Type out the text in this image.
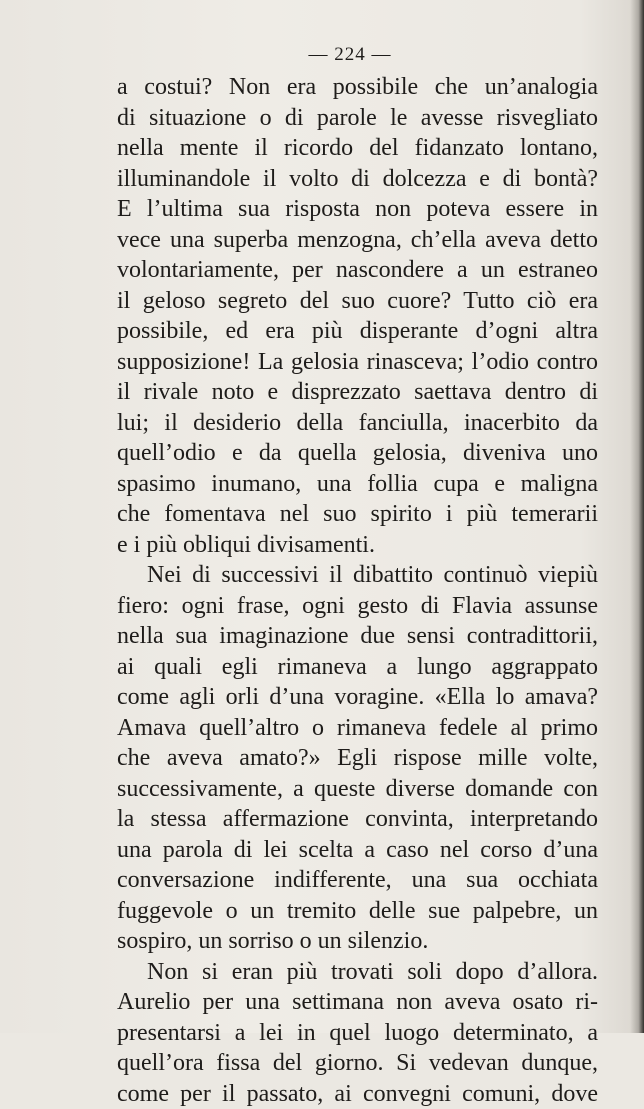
— 224 —
a costui? Non era possibile che un’analogia
di situazione o di parole le avesse risvegliato
nella mente il ricordo del fidanzato lontano,
illuminandole il volto di dolcezza e di bontà?
E l’ultima sua risposta non poteva essere in
vece una superba menzogna, ch’ella aveva detto
volontariamente, per nascondere a un estraneo
il geloso segreto del suo cuore? Tutto ciò era
possibile, ed era più disperante d’ogni altra
supposizione! La gelosia rinasceva; l’odio contro
il rivale noto e disprezzato saettava dentro di
lui; il desiderio della fanciulla, inacerbito da
quell’odio e da quella gelosia, diveniva uno
spasimo inumano, una follia cupa e maligna
che fomentava nel suo spirito i più temerarii
e i più obliqui divisamenti.
Nei di successivi il dibattito continuò viepiù
fiero: ogni frase, ogni gesto di Flavia assunse
nella sua imaginazione due sensi contradittorii,
ai quali egli rimaneva a lungo aggrappato
come agli orli d’una voragine. «Ella lo amava?
Amava quell’altro o rimaneva fedele al primo
che aveva amato?» Egli rispose mille volte,
successivamente, a queste diverse domande con
la stessa affermazione convinta, interpretando
una parola di lei scelta a caso nel corso d’una
conversazione indifferente, una sua occhiata
fuggevole o un tremito delle sue palpebre, un
sospiro, un sorriso o un silenzio.
Non si eran più trovati soli dopo d’allora.
Aurelio per una settimana non aveva osato ri-
presentarsi a lei in quel luogo determinato, a
quell’ora fissa del giorno. Si vedevan dunque,
come per il passato, ai convegni comuni, dove
